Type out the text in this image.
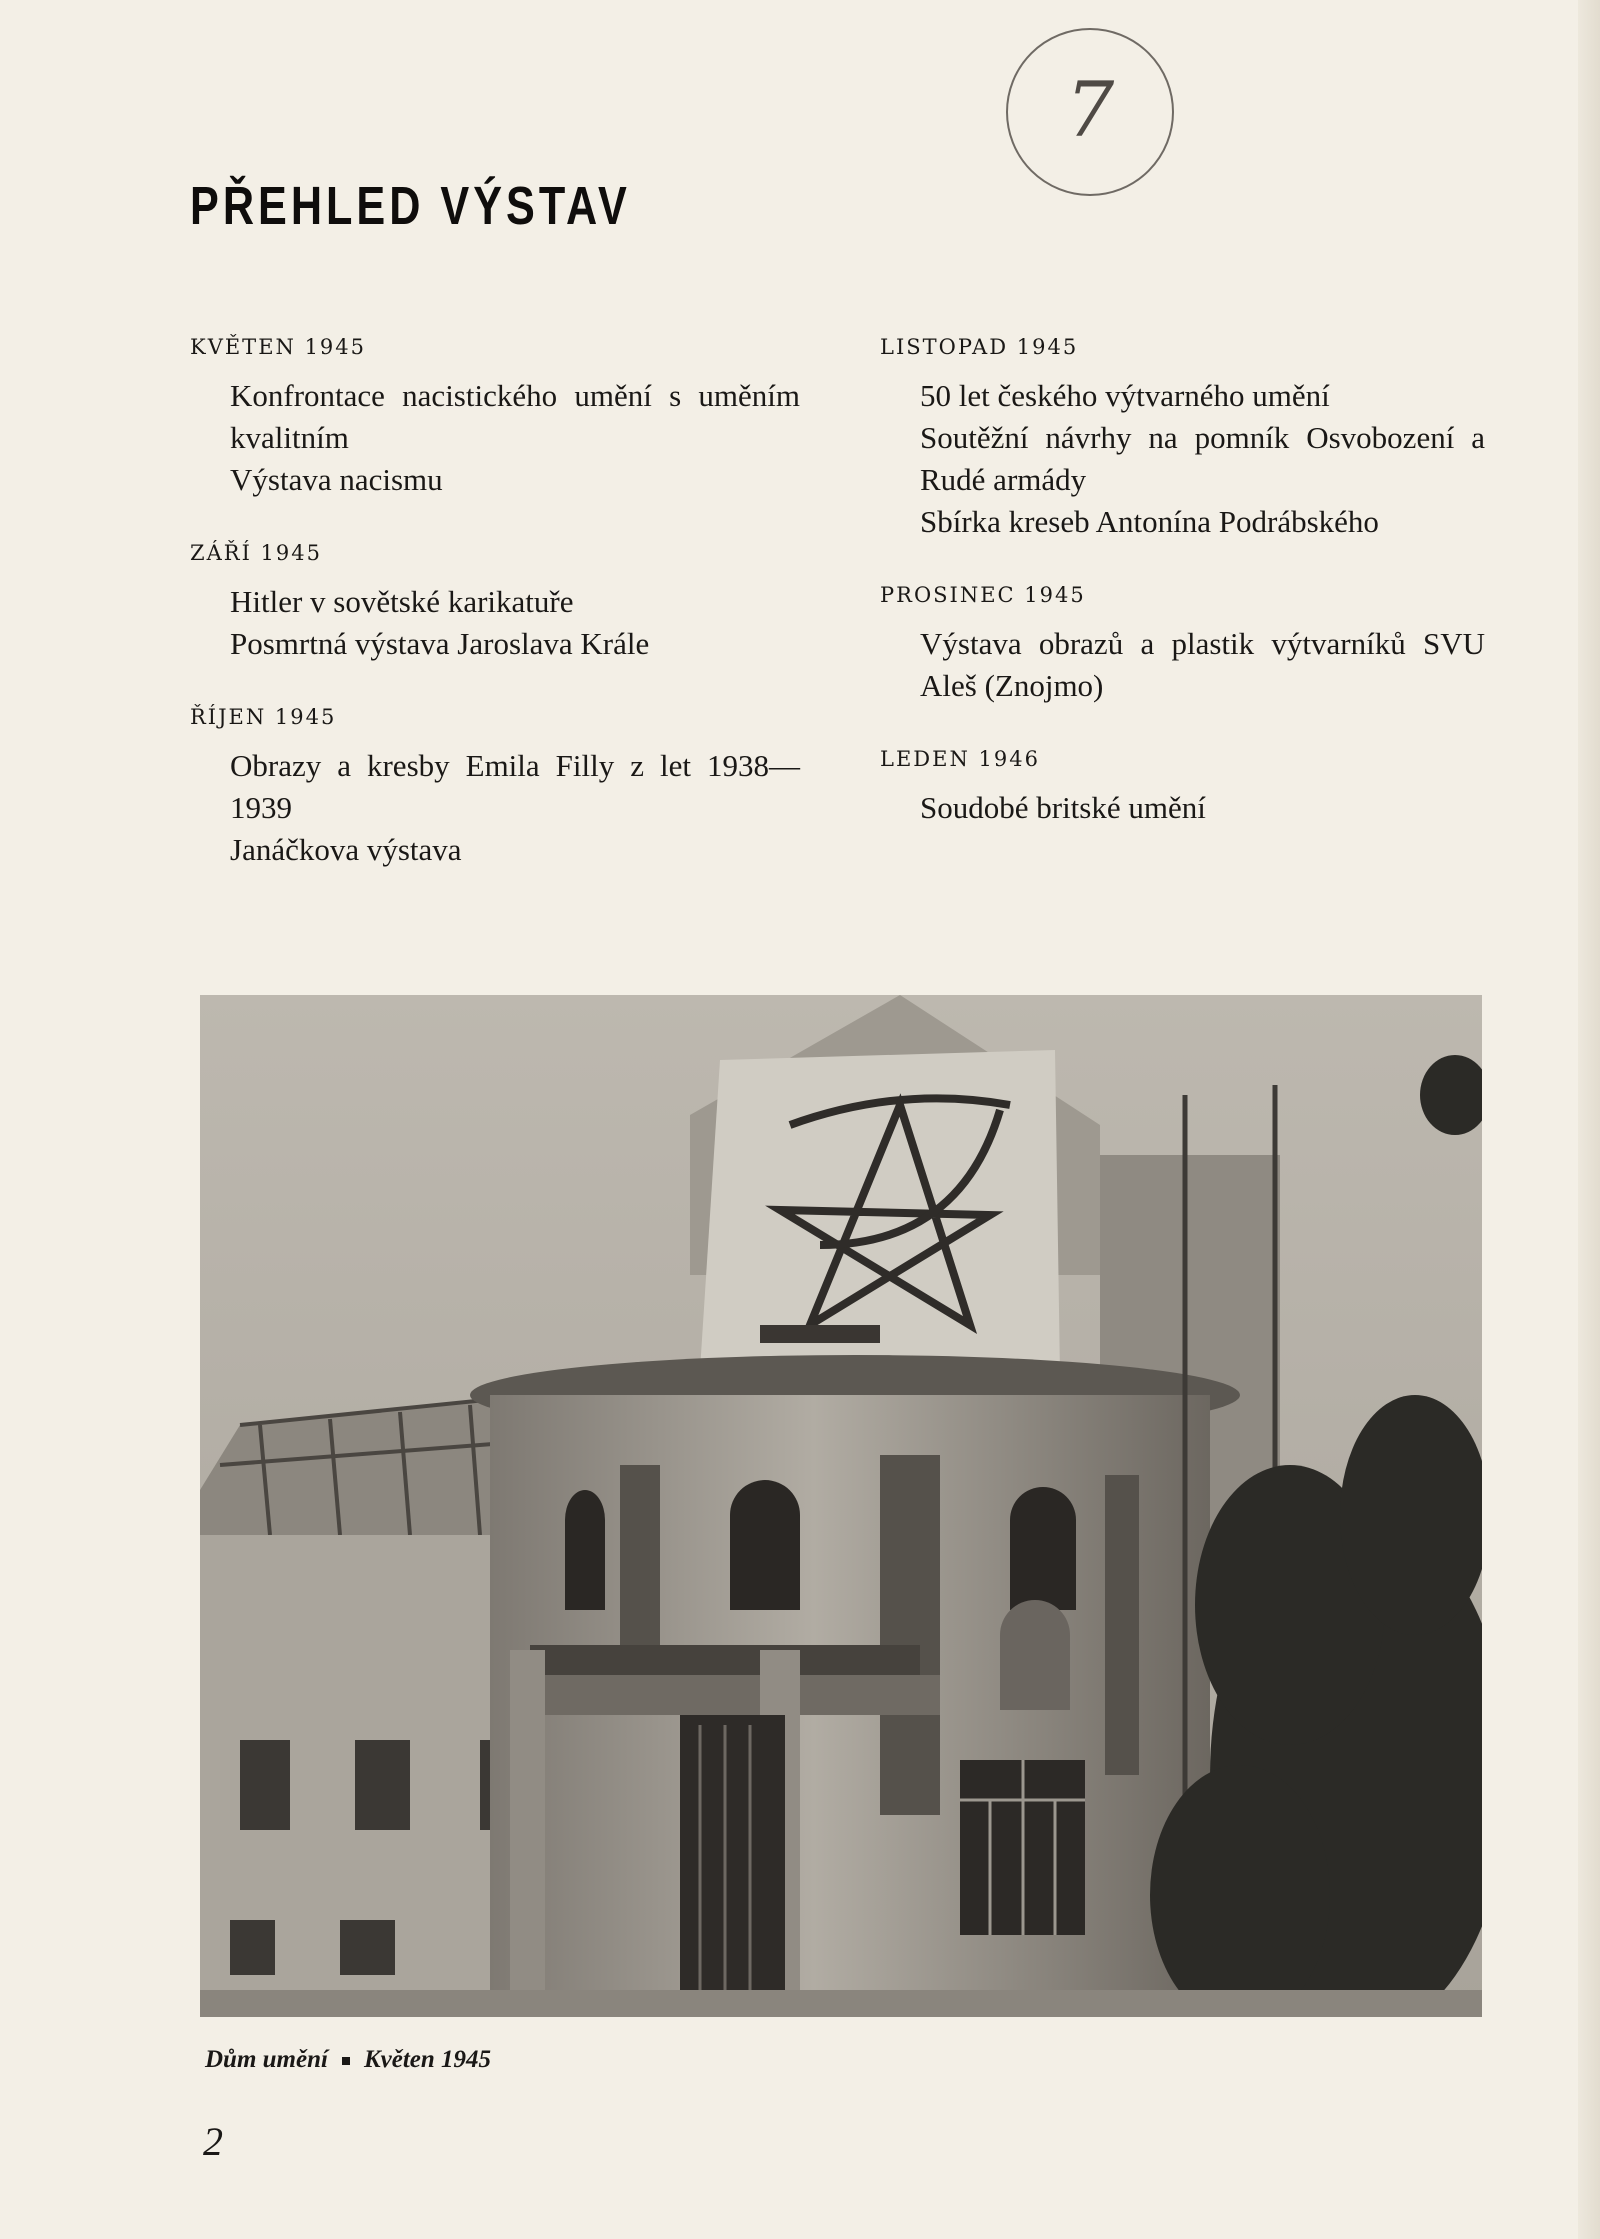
7
PŘEHLED VÝSTAV
KVĚTEN 1945

Konfrontace nacistického umění s uměním kvalitním

Výstava nacismu

ZÁŘÍ 1945

Hitler v sovětské karikatuře

Posmrtná výstava Jaroslava Krále

ŘÍJEN 1945

Obrazy a kresby Emila Filly z let 1938—1939

Janáčkova výstava

LISTOPAD 1945

50 let českého výtvarného umění

Soutěžní návrhy na pomník Osvobození a Rudé armády

Sbírka kreseb Antonína Podrábského

PROSINEC 1945

Výstava obrazů a plastik výtvarníků SVU Aleš (Znojmo)

LEDEN 1946

Soudobé britské umění

Dům umění Květen 1945
2
